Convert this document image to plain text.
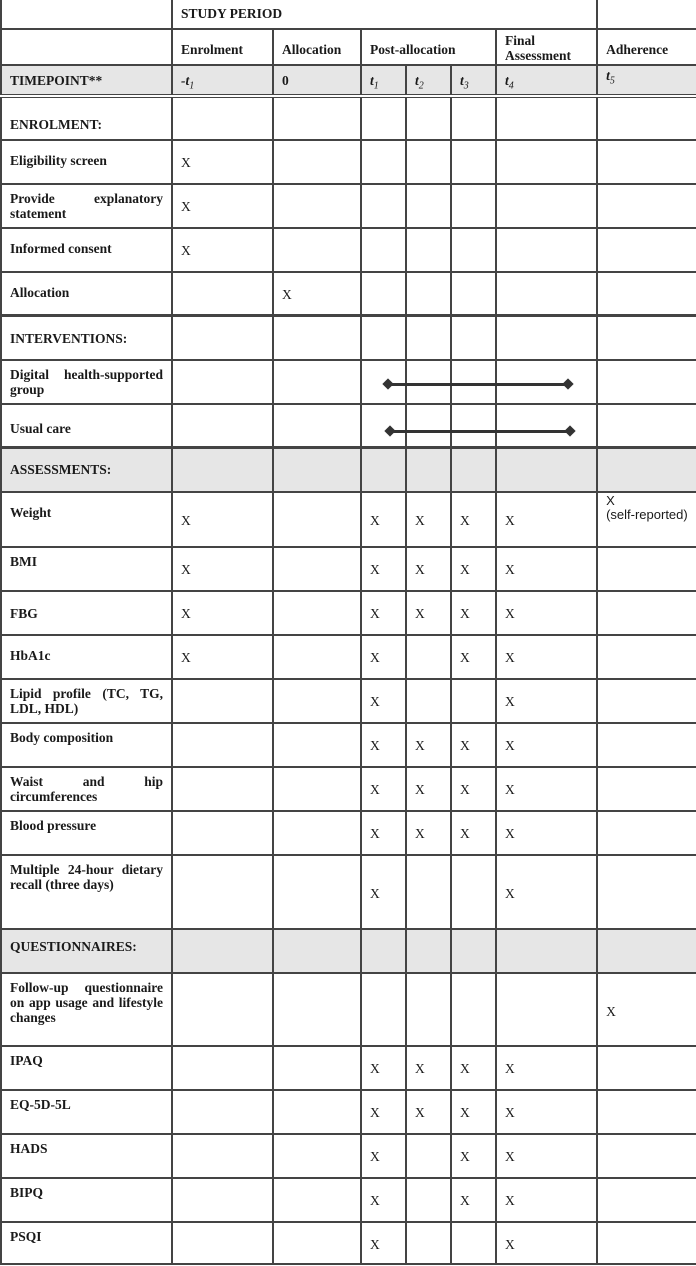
	STUDY PERIOD						
	Enrolment	Allocation	Post-allocation			Final Assessment	Adherence
TIMEPOINT**	$-t_1$	0	$t_1$	$t_2$	$t_3$	$t_4$	$t_5$
ENROLMENT:							
Eligibility screen	X						
Provide explanatory statement	X						
Informed consent	X						
Allocation		X					
INTERVENTIONS:							
Digital health-supported group							
Usual care							
ASSESSMENTS:							
Weight	X		X	X	X	X	X
(self-reported)

BMI	X		X	X	X	X	
FBG	X		X	X	X	X	
HbA1c	X		X		X	X	
Lipid profile (TC, TG, LDL, HDL)			X			X	
Body composition			X	X	X	X	
Waist and hip circumferences			X	X	X	X	
Blood pressure			X	X	X	X	
Multiple 24-hour dietary recall (three days)			X			X	
QUESTIONNAIRES:							
Follow-up questionnaire on app usage and lifestyle changes							X
IPAQ			X	X	X	X	
EQ-5D-5L			X	X	X	X	
HADS			X		X	X	
BIPQ			X		X	X	
PSQI			X			X	
